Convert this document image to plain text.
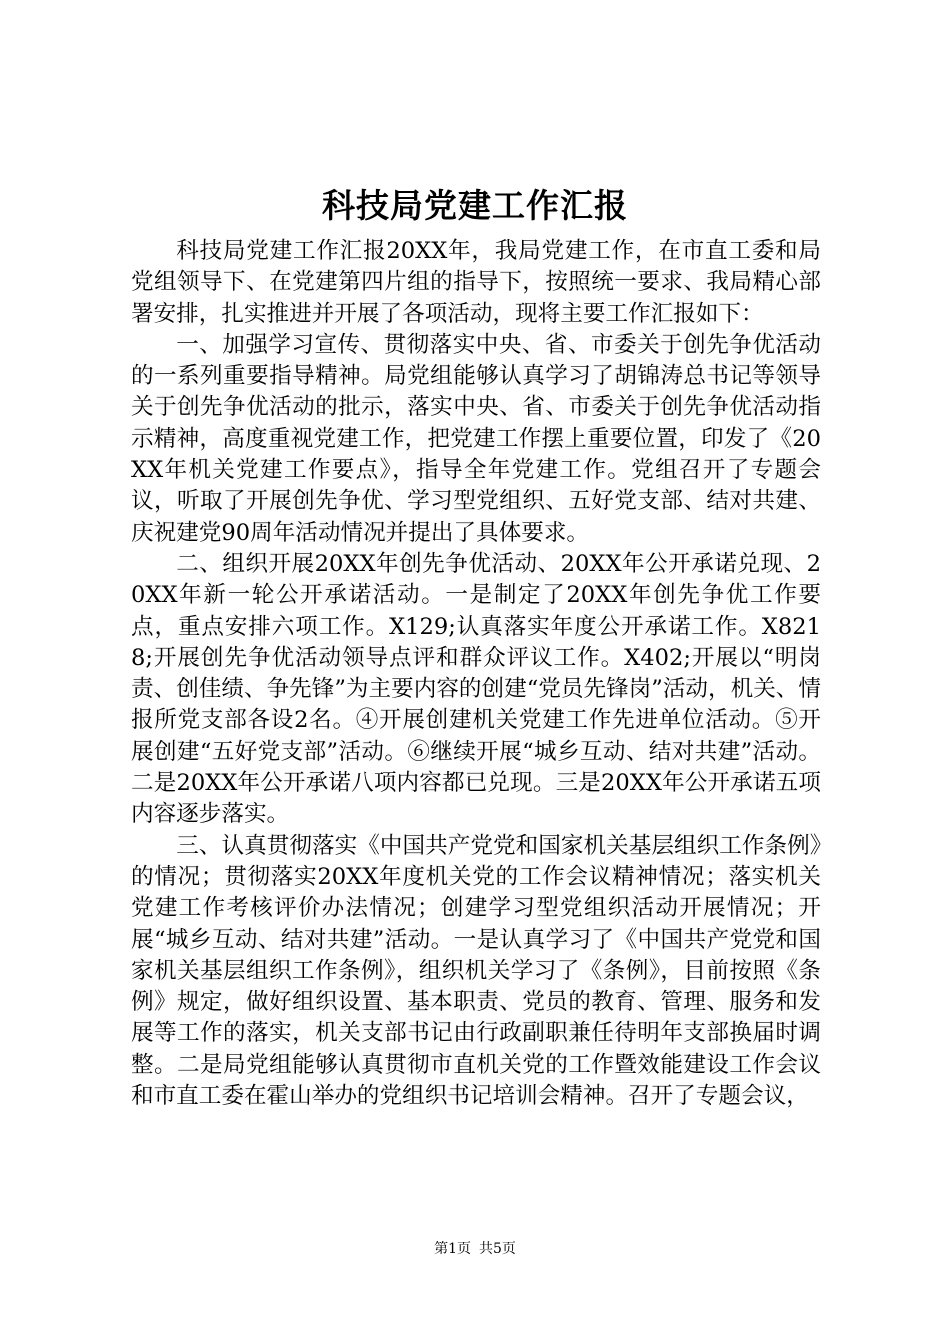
科技局党建工作汇报

科技局党建工作汇报20XX年，我局党建工作，在市直工委和局党组领导下、在党建第四片组的指导下，按照统一要求、我局精心部署安排，扎实推进并开展了各项活动，现将主要工作汇报如下：

一、加强学习宣传、贯彻落实中央、省、市委关于创先争优活动的一系列重要指导精神。局党组能够认真学习了胡锦涛总书记等领导关于创先争优活动的批示，落实中央、省、市委关于创先争优活动指示精神，高度重视党建工作，把党建工作摆上重要位置，印发了《20XX年机关党建工作要点》，指导全年党建工作。党组召开了专题会议，听取了开展创先争优、学习型党组织、五好党支部、结对共建、庆祝建党90周年活动情况并提出了具体要求。

二、组织开展20XX年创先争优活动、20XX年公开承诺兑现、20XX年新一轮公开承诺活动。一是制定了20XX年创先争优工作要点，重点安排六项工作。X129;认真落实年度公开承诺工作。X8218;开展创先争优活动领导点评和群众评议工作。X402;开展以“明岗责、创佳绩、争先锋”为主要内容的创建“党员先锋岗”活动，机关、情报所党支部各设2名。④开展创建机关党建工作先进单位活动。⑤开展创建“五好党支部”活动。⑥继续开展“城乡互动、结对共建”活动。二是20XX年公开承诺八项内容都已兑现。三是20XX年公开承诺五项内容逐步落实。

三、认真贯彻落实《中国共产党党和国家机关基层组织工作条例》的情况；贯彻落实20XX年度机关党的工作会议精神情况；落实机关党建工作考核评价办法情况；创建学习型党组织活动开展情况；开展“城乡互动、结对共建”活动。一是认真学习了《中国共产党党和国家机关基层组织工作条例》，组织机关学习了《条例》，目前按照《条例》规定，做好组织设置、基本职责、党员的教育、管理、服务和发展等工作的落实，机关支部书记由行政副职兼任待明年支部换届时调整。二是局党组能够认真贯彻市直机关党的工作暨效能建设工作会议和市直工委在霍山举办的党组织书记培训会精神。召开了专题会议，

第1页 共5页
